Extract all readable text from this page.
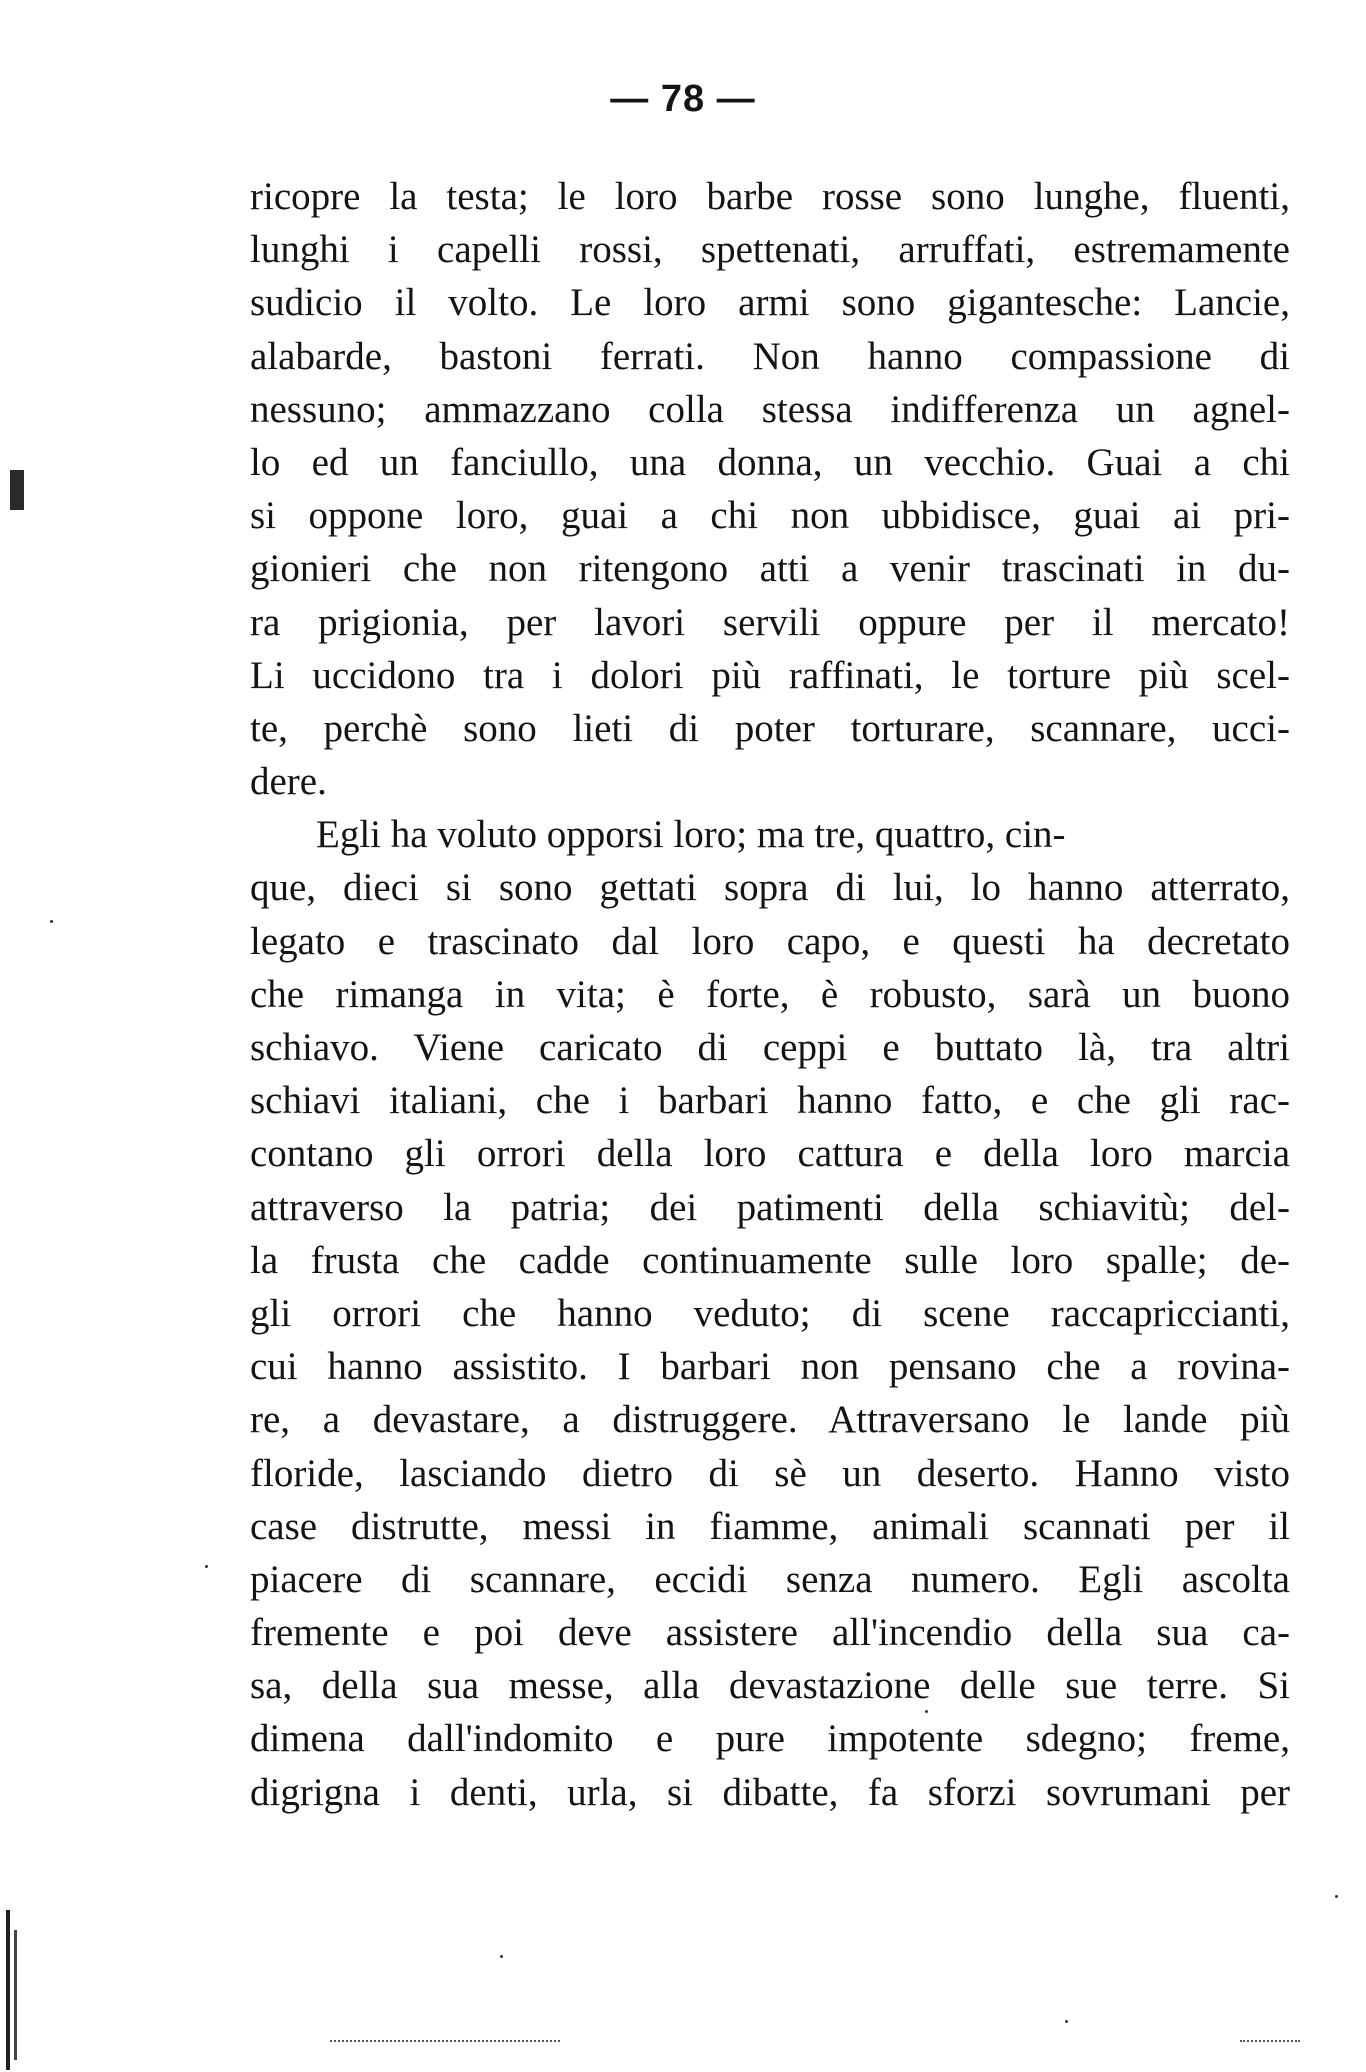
— 78 —
ricopre la testa; le loro barbe rosse sono lunghe, fluenti,
lunghi i capelli rossi, spettenati, arruffati, estremamente
sudicio il volto. Le loro armi sono gigantesche: Lancie,
alabarde, bastoni ferrati. Non hanno compassione di
nessuno; ammazzano colla stessa indifferenza un agnel-
lo ed un fanciullo, una donna, un vecchio. Guai a chi
si oppone loro, guai a chi non ubbidisce, guai ai pri-
gionieri che non ritengono atti a venir trascinati in du-
ra prigionia, per lavori servili oppure per il mercato!
Li uccidono tra i dolori più raffinati, le torture più scel-
te, perchè sono lieti di poter torturare, scannare, ucci-
dere.
Egli ha voluto opporsi loro; ma tre, quattro, cin-
que, dieci si sono gettati sopra di lui, lo hanno atterrato,
legato e trascinato dal loro capo, e questi ha decretato
che rimanga in vita; è forte, è robusto, sarà un buono
schiavo. Viene caricato di ceppi e buttato là, tra altri
schiavi italiani, che i barbari hanno fatto, e che gli rac-
contano gli orrori della loro cattura e della loro marcia
attraverso la patria; dei patimenti della schiavitù; del-
la frusta che cadde continuamente sulle loro spalle; de-
gli orrori che hanno veduto; di scene raccapriccianti,
cui hanno assistito. I barbari non pensano che a rovina-
re, a devastare, a distruggere. Attraversano le lande più
floride, lasciando dietro di sè un deserto. Hanno visto
case distrutte, messi in fiamme, animali scannati per il
piacere di scannare, eccidi senza numero. Egli ascolta
fremente e poi deve assistere all'incendio della sua ca-
sa, della sua messe, alla devastazione delle sue terre. Si
dimena dall'indomito e pure impotente sdegno; freme,
digrigna i denti, urla, si dibatte, fa sforzi sovrumani per
